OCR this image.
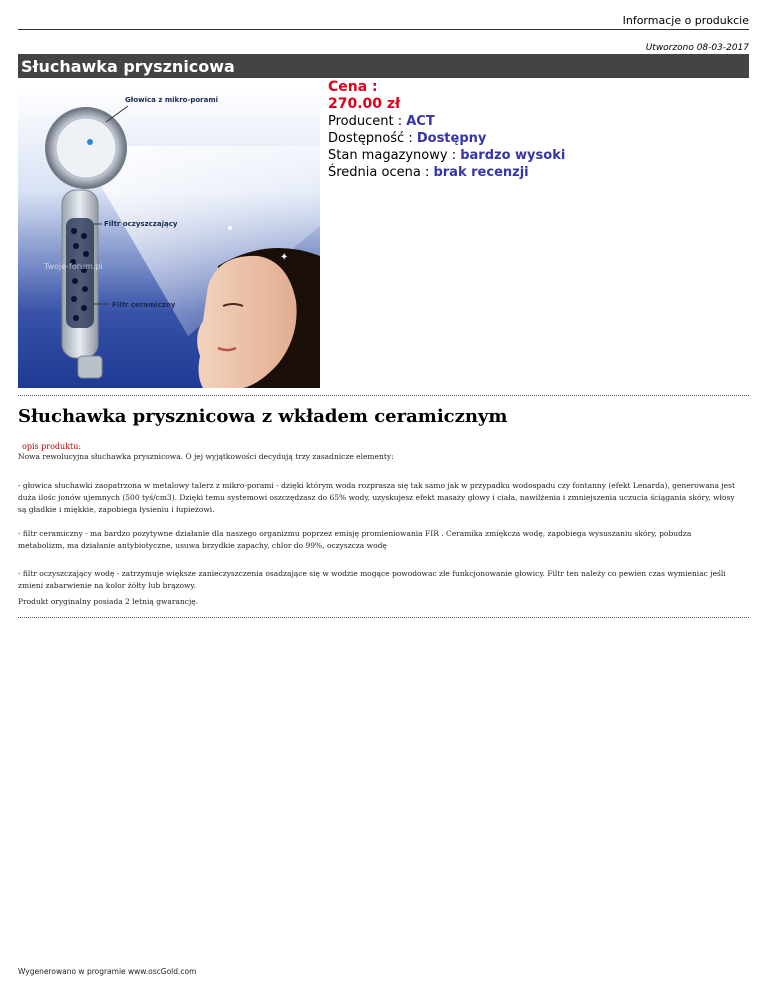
Informacje o produkcie
Utworzono 08-03-2017
Słuchawka prysznicowa
Głowica z mikro-porami
Filtr oczyszczający
Filtr ceramiczny
Twoje-forum.pl
✦
Cena :
270.00 zł
Producent : ACT
Dostępność : Dostępny
Stan magazynowy : bardzo wysoki
Średnia ocena : brak recenzji
Słuchawka prysznicowa z wkładem ceramicznym
opis produktu:
Nowa rewolucyjna słuchawka prysznicowa. O jej wyjątkowości decydują trzy zasadnicze elementy:
- głowica słuchawki zaopatrzona w metalowy talerz z mikro-porami - dzięki którym woda rozprasza się tak samo jak w przypadku wodospadu czy fontanny (efekt Lenarda), generowana jest duża ilośc jonów ujemnych (500 tyś/cm3). Dzięki temu systemowi oszczędzasz do 65% wody, uzyskujesz efekt masaży głowy i ciała, nawilżenia i zmniejszenia uczucia ściągania skóry, włosy są gładkie i miękkie, zapobiega łysieniu i łupieżowi.
- filtr ceramiczny - ma bardzo pozytywne działanie dla naszego organizmu poprzez emisję promieniowania FIR . Ceramika zmiękcza wodę, zapobiega wysuszaniu skóry, pobudza metabolizm, ma działanie antybiotyczne, usuwa brzydkie zapachy, chlor do 99%, oczyszcza wodę
- filtr oczyszczający wodę - zatrzymuje większe zanieczyszczenia osadzające się w wodzie mogące powodowac złe funkcjonowanie głowicy. Filtr ten należy co pewien czas wymieniac jeśli zmieni zabarwienie na kolor żółty lub brązowy.
Produkt oryginalny posiada 2 letnią gwarancję.
Wygenerowano w programie www.oscGold.com
